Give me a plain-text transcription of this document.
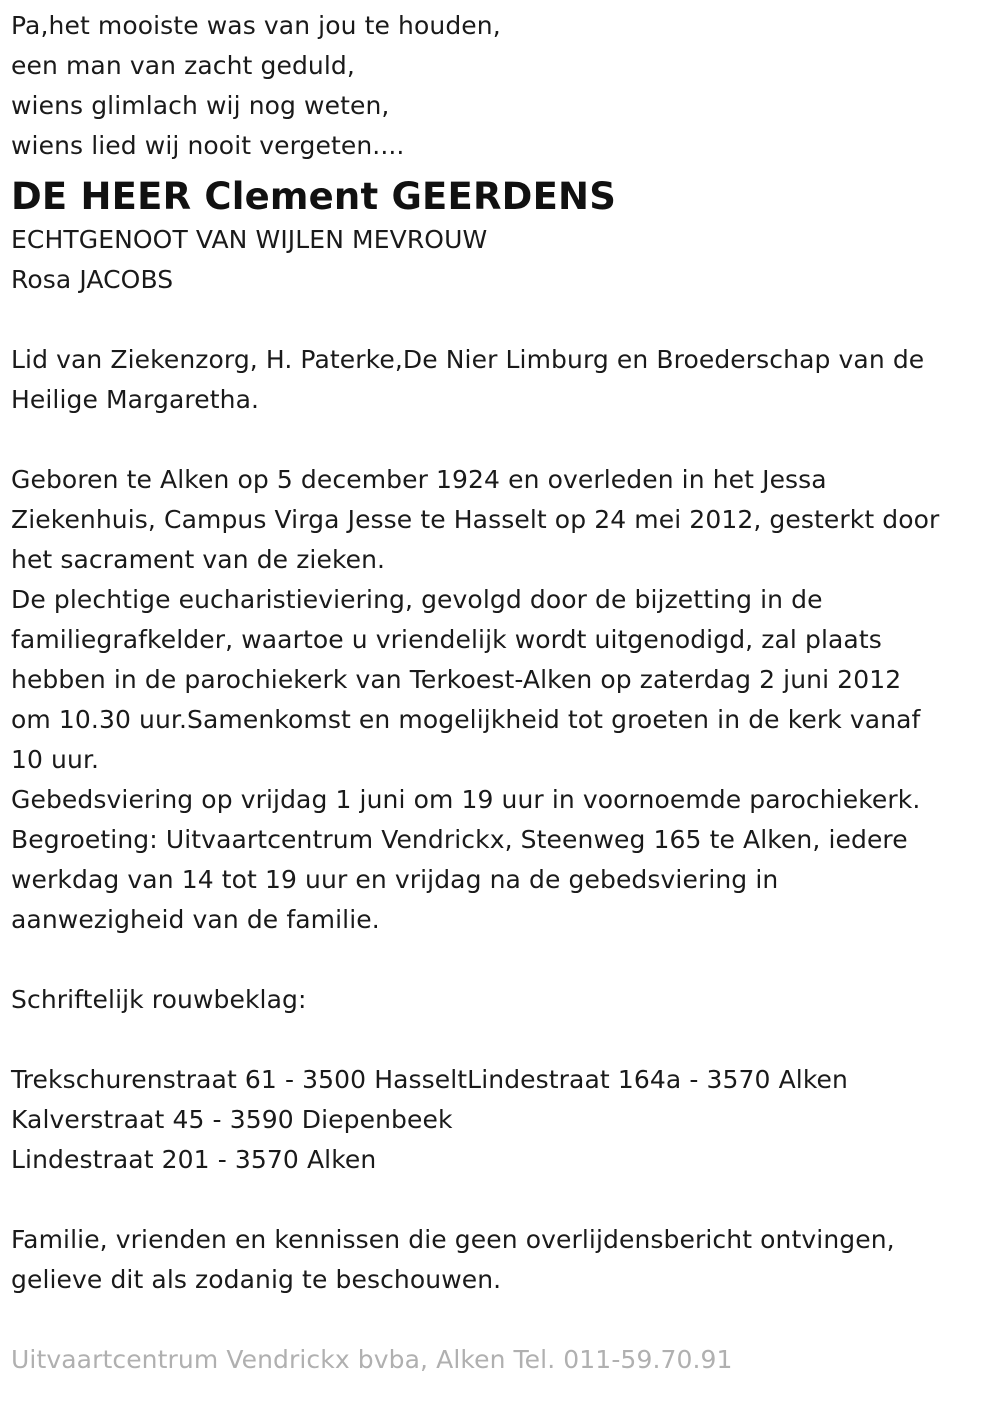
Pa,het mooiste was van jou te houden,
een man van zacht geduld,
wiens glimlach wij nog weten,
wiens lied wij nooit vergeten....
DE HEER Clement GEERDENS
ECHTGENOOT VAN WIJLEN MEVROUW
Rosa JACOBS
Lid van Ziekenzorg, H. Paterke,De Nier Limburg en Broederschap van de
Heilige Margaretha.
Geboren te Alken op 5 december 1924 en overleden in het Jessa
Ziekenhuis, Campus Virga Jesse te Hasselt op 24 mei 2012, gesterkt door
het sacrament van de zieken.
De plechtige eucharistieviering, gevolgd door de bijzetting in de
familiegrafkelder, waartoe u vriendelijk wordt uitgenodigd, zal plaats
hebben in de parochiekerk van Terkoest-Alken op zaterdag 2 juni 2012
om 10.30 uur.Samenkomst en mogelijkheid tot groeten in de kerk vanaf
10 uur.
Gebedsviering op vrijdag 1 juni om 19 uur in voornoemde parochiekerk.
Begroeting: Uitvaartcentrum Vendrickx, Steenweg 165 te Alken, iedere
werkdag van 14 tot 19 uur en vrijdag na de gebedsviering in
aanwezigheid van de familie.
Schriftelijk rouwbeklag:
Trekschurenstraat 61 - 3500 HasseltLindestraat 164a - 3570 Alken
Kalverstraat 45 - 3590 Diepenbeek
Lindestraat 201 - 3570 Alken
Familie, vrienden en kennissen die geen overlijdensbericht ontvingen,
gelieve dit als zodanig te beschouwen.
Uitvaartcentrum Vendrickx bvba, Alken Tel. 011-59.70.91
